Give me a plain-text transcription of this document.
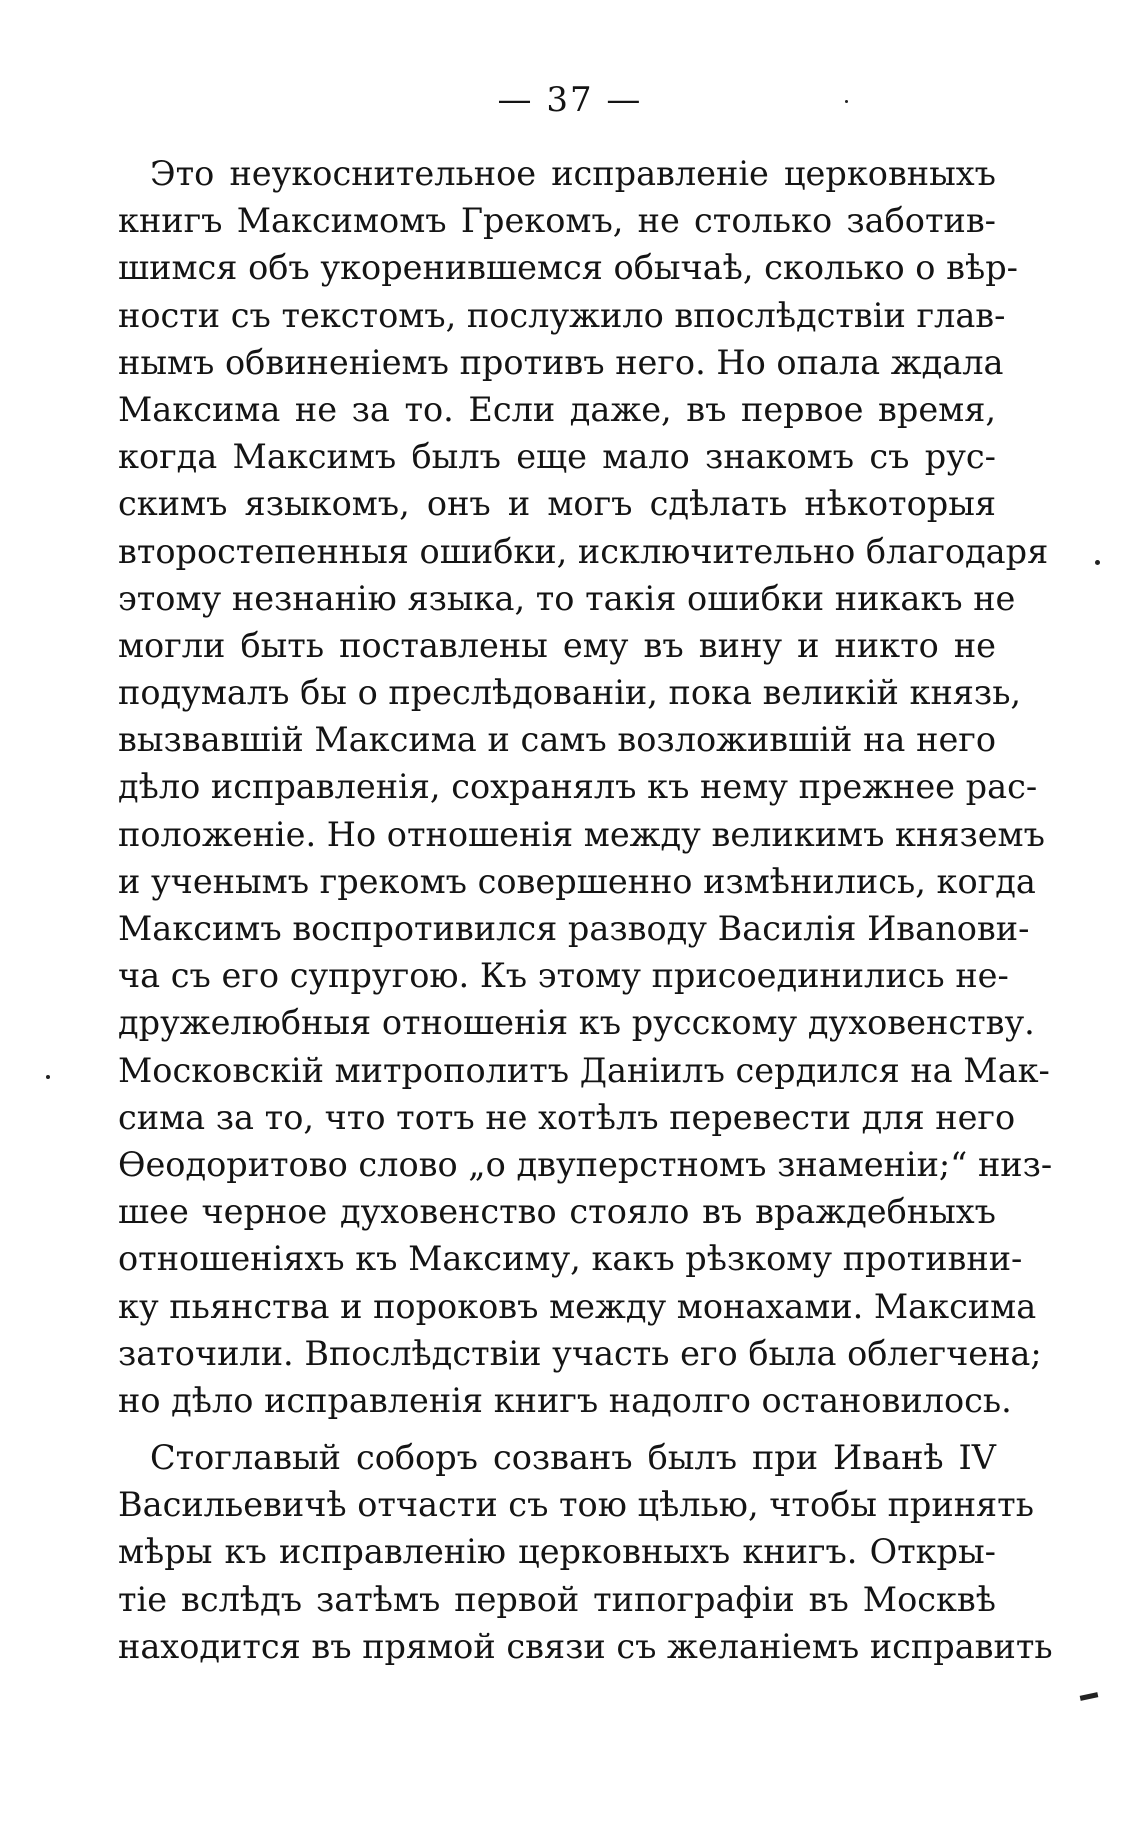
— 37 —
Это неукоснительное исправленіе церковныхъ
книгъ Максимомъ Грекомъ, не столько заботив-
шимся объ укоренившемся обычаѣ, сколько о вѣр-
ности съ текстомъ, послужило впослѣдствіи глав-
нымъ обвиненіемъ противъ него. Но опала ждала
Максима не за то. Если даже, въ первое время,
когда Максимъ былъ еще мало знакомъ съ рус-
скимъ языкомъ, онъ и могъ сдѣлать нѣкоторыя
второстепенныя ошибки, исключительно благодаря
этому незнанію языка, то такія ошибки никакъ не
могли быть поставлены ему въ вину и никто не
подумалъ бы о преслѣдованіи, пока великій князь,
вызвавшій Максима и самъ возложившій на него
дѣло исправленія, сохранялъ къ нему прежнее рас-
положеніе. Но отношенія между великимъ княземъ
и ученымъ грекомъ совершенно измѣнились, когда
Максимъ воспротивился разводу Василія Ивanови-
ча съ его супругою. Къ этому присоединились не-
дружелюбныя отношенія къ русскому духовенству.
Московскій митрополитъ Даніилъ сердился на Мак-
сима за то, что тотъ не хотѣлъ перевести для него
Ѳеодоритово слово „о двуперстномъ знаменіи;“ низ-
шее черное духовенство стояло въ враждебныхъ
отношеніяхъ къ Максиму, какъ рѣзкому противни-
ку пьянства и пороковъ между монахами. Максима
заточили. Впослѣдствіи участь его была облегчена;
но дѣло исправленія книгъ надолго остановилось.
Стоглавый соборъ созванъ былъ при Иванѣ IV
Васильевичѣ отчасти съ тою цѣлью, чтобы принять
мѣры къ исправленію церковныхъ книгъ. Откры-
тіе вслѣдъ затѣмъ первой типографіи въ Москвѣ
находится въ прямой связи съ желаніемъ исправить
